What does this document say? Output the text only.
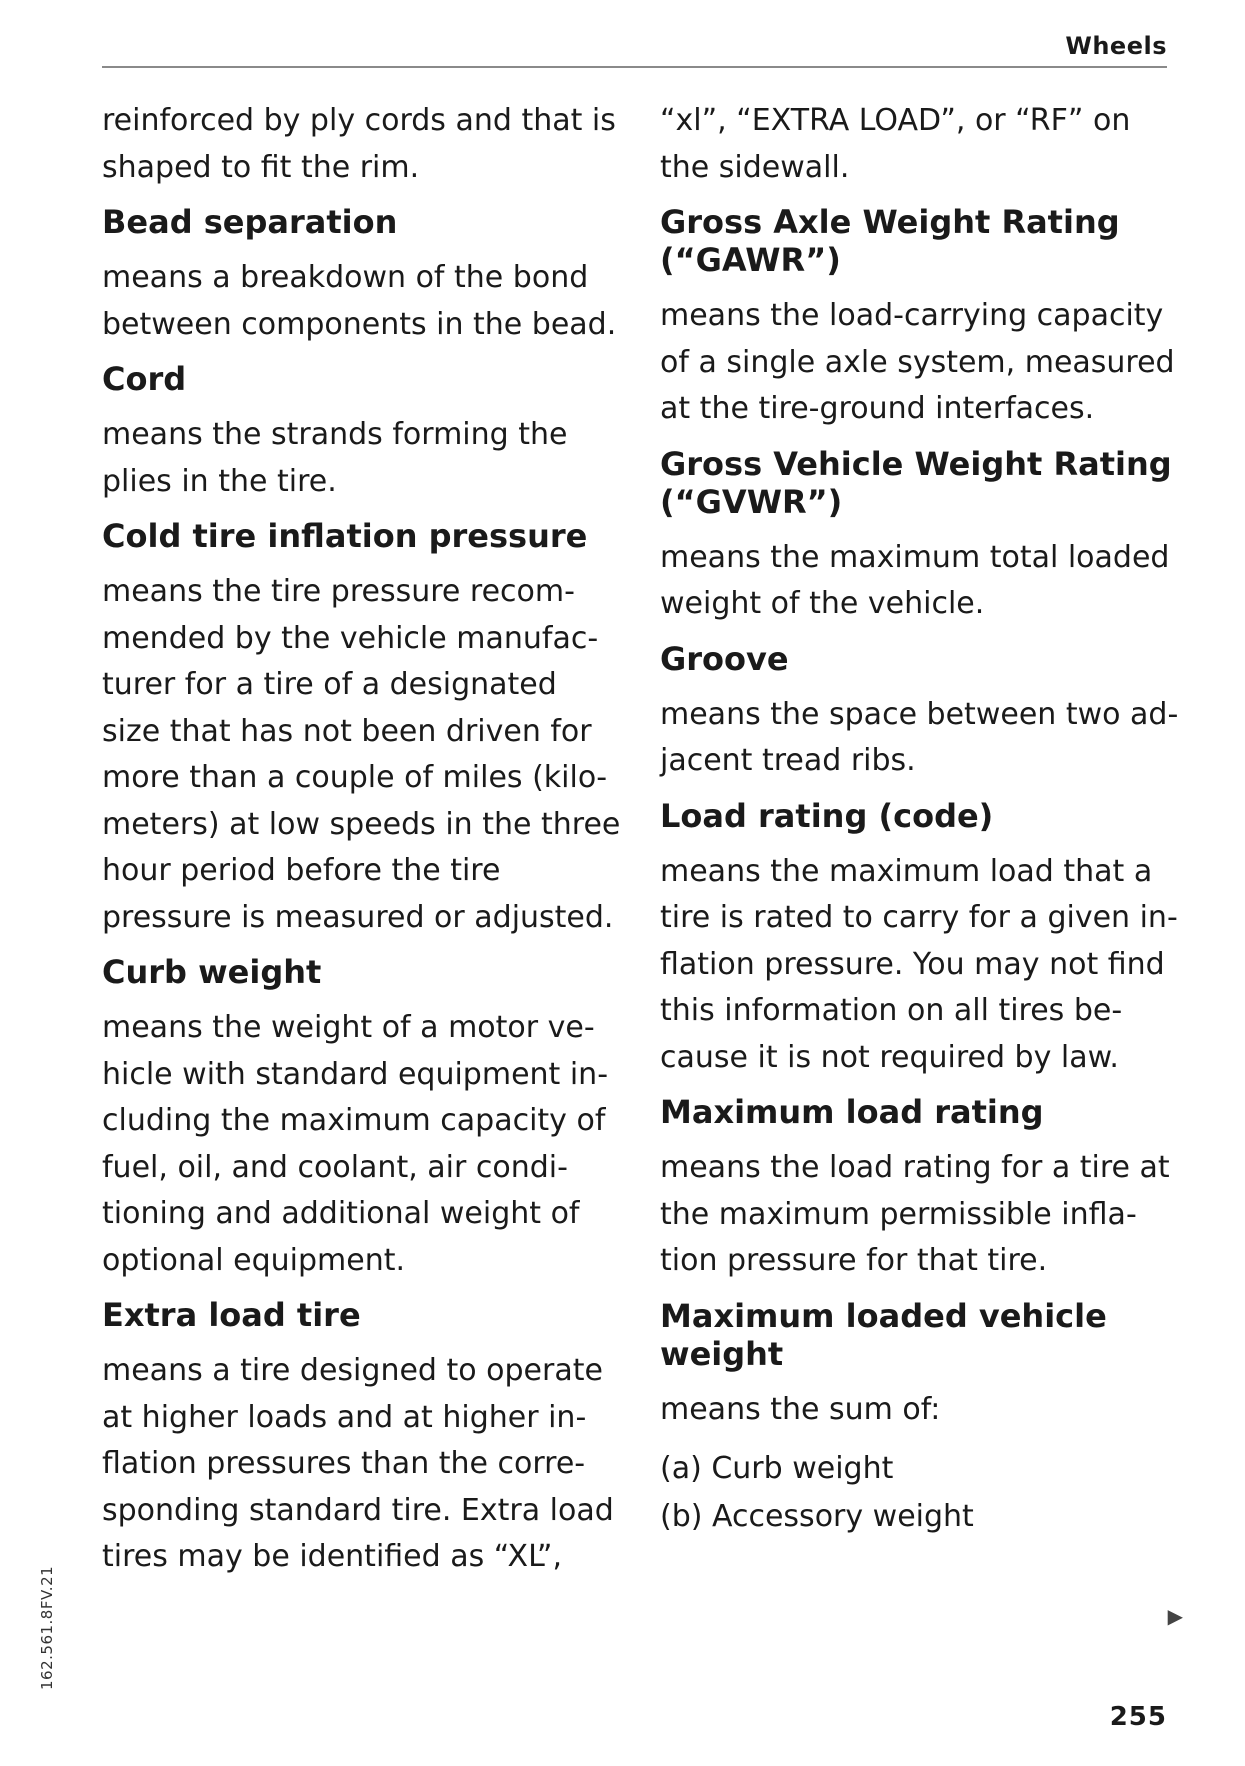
Wheels

reinforced by ply cords and that is shaped to fit the rim.

Bead separation

means a breakdown of the bond between components in the bead.

Cord

means the strands forming the plies in the tire.

Cold tire inflation pressure

means the tire pressure recommended by the vehicle manufacturer for a tire of a designated size that has not been driven for more than a couple of miles (kilometers) at low speeds in the three hour period before the tire pressure is measured or adjusted.

Curb weight

means the weight of a motor vehicle with standard equipment including the maximum capacity of fuel, oil, and coolant, air conditioning and additional weight of optional equipment.

Extra load tire

means a tire designed to operate at higher loads and at higher inflation pressures than the corresponding standard tire. Extra load tires may be identified as “XL”,

“xl”, “EXTRA LOAD”, or “RF” on the sidewall.

Gross Axle Weight Rating (“GAWR”)

means the load-carrying capacity of a single axle system, measured at the tire-ground interfaces.

Gross Vehicle Weight Rating (“GVWR”)

means the maximum total loaded weight of the vehicle.

Groove

means the space between two adjacent tread ribs.

Load rating (code)

means the maximum load that a tire is rated to carry for a given inflation pressure. You may not find this information on all tires because it is not required by law.

Maximum load rating

means the load rating for a tire at the maximum permissible inflation pressure for that tire.

Maximum loaded vehicle weight

means the sum of:

(a) Curb weight

(b) Accessory weight

162.561.8FV.21	▶
255
